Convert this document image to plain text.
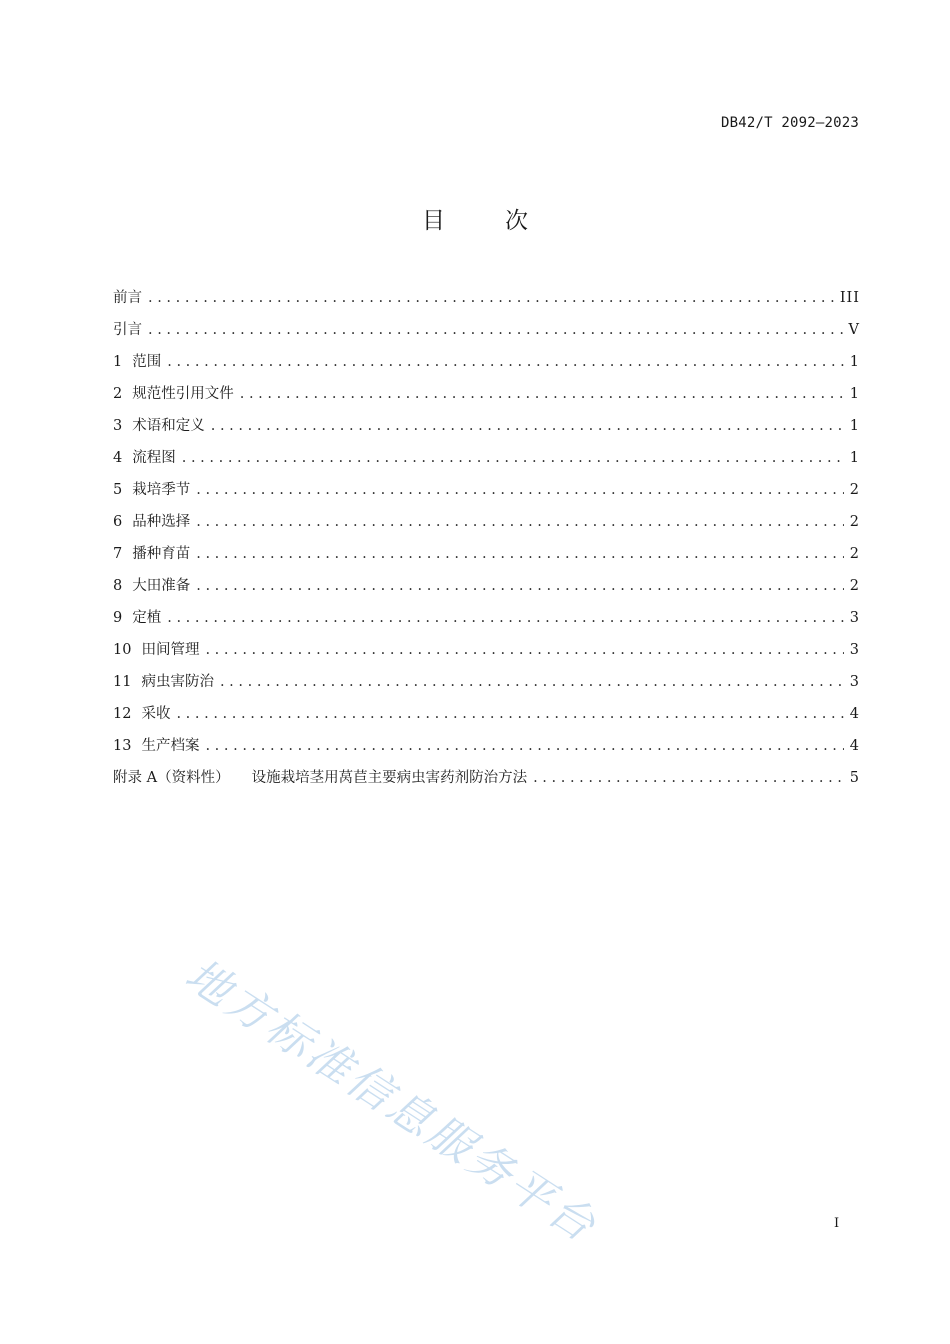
DB42/T 2092—2023
目次
前言 . . .	III
引言 . . .	V
1 范围 . . .	1
2 规范性引用文件 . . .	1
3 术语和定义 . . .	1
4 流程图 . . .	1
5 栽培季节 . . .	2
6 品种选择 . . .	2
7 播种育苗 . . .	2
8 大田准备 . . .	2
9 定植 . . .	3
10 田间管理 . . .	3
11 病虫害防治 . . .	3
12 采收 . . .	4
13 生产档案 . . .	4
附录 A（资料性） 设施栽培茎用莴苣主要病虫害药剂防治方法 . . .	5
地方标准信息服务平台	I
